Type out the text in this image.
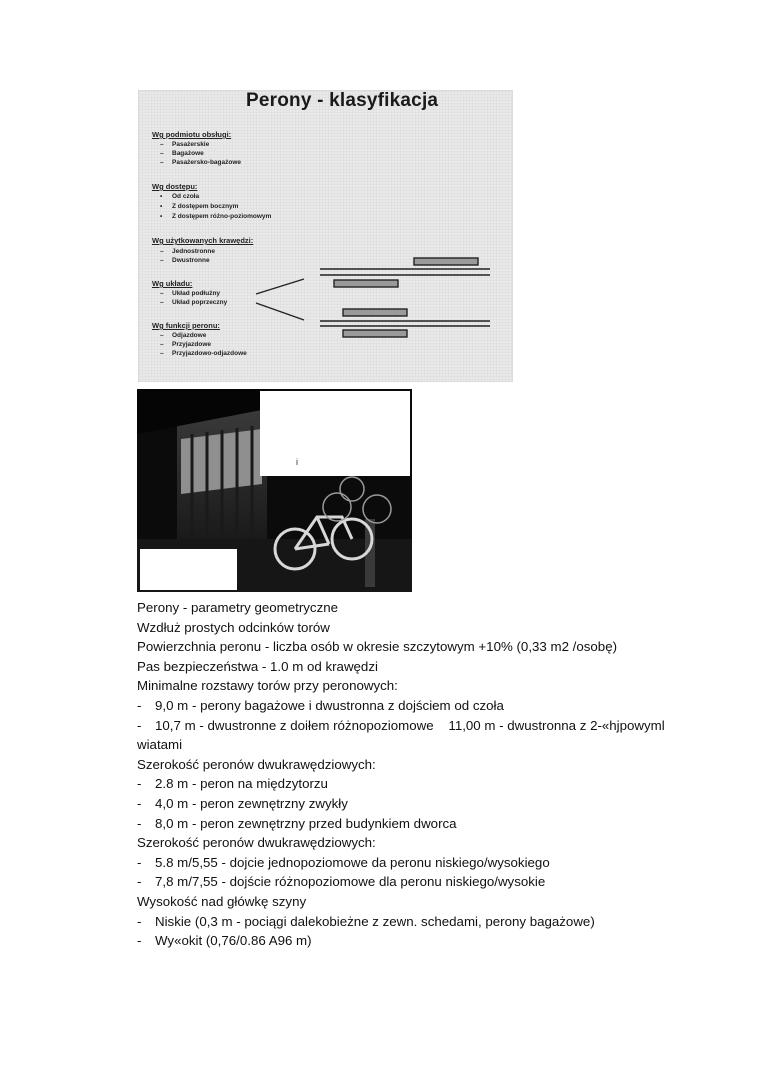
Perony - klasyfikacja
Wg podmiotu obsługi:
– Pasażerskie
– Bagażowe
– Pasażersko-bagażowe
Wg dostępu:
• Od czoła
• Z dostępem bocznym
• Z dostępem różno-poziomowym
Wg użytkowanych krawędzi:
– Jednostronne
– Dwustronne
Wg układu:
– Układ podłużny
– Układ poprzeczny
Wg funkcji peronu:
– Odjazdowe
– Przyjazdowe
– Przyjazdowo-odjazdowe
i
Perony - parametry geometryczne
Wzdłuż prostych odcinków torów
Powierzchnia peronu - liczba osób w okresie szczytowym +10% (0,33 m2 /osobę)
Pas bezpieczeństwa - 1.0 m od krawędzi
Minimalne rozstawy torów przy peronowych:
- 9,0 m - perony bagażowe i dwustronna z dojściem od czoła
- 10,7 m - dwustronne z doiłem różnopoziomowe    11,00 m - dwustronna z 2-«hjpowyml
wiatami
Szerokość peronów dwukrawędziowych:
- 2.8 m - peron na międzytorzu
- 4,0 m - peron zewnętrzny zwykły
- 8,0 m - peron zewnętrzny przed budynkiem dworca
Szerokość peronów dwukrawędziowych:
- 5.8 m/5,55 - dojcie jednopoziomowe da peronu niskiego/wysokiego
- 7,8 m/7,55 - dojście różnopoziomowe dla peronu niskiego/wysokie
Wysokość nad główkę szyny
- Niskie (0,3 m - pociągi dalekobieżne z zewn. schedami, perony bagażowe)
- Wy«okit (0,76/0.86 A96 m)
